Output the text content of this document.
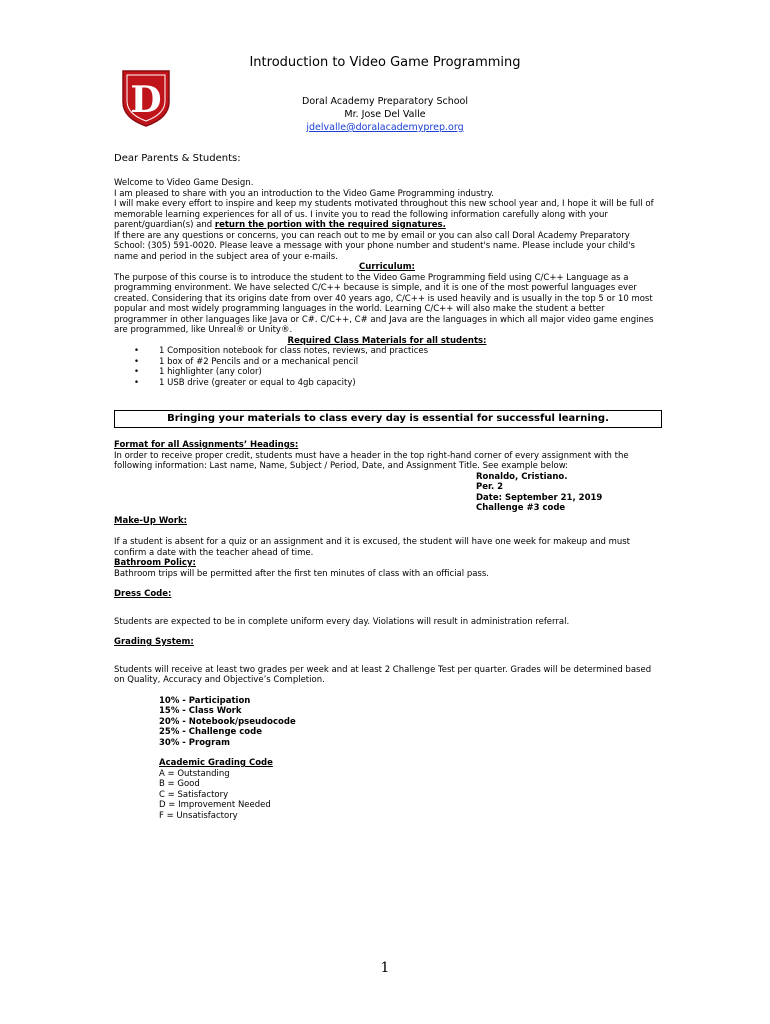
D
Introduction to Video Game Programming
Doral Academy Preparatory School
Mr. Jose Del Valle
jdelvalle@doralacademyprep.org
Dear Parents & Students:

Welcome to Video Game Design.

I am pleased to share with you an introduction to the Video Game Programming industry.

I will make every effort to inspire and keep my students motivated throughout this new school year and, I hope it will be full of memorable learning experiences for all of us. I invite you to read the following information carefully along with your parent/guardian(s) and return the portion with the required signatures.

If there are any questions or concerns, you can reach out to me by email or you can also call Doral Academy Preparatory School: (305) 591-0020. Please leave a message with your phone number and student's name. Please include your child's name and period in the subject area of your e-mails.

Curriculum:

The purpose of this course is to introduce the student to the Video Game Programming field using C/C++ Language as a programming environment. We have selected C/C++ because is simple, and it is one of the most powerful languages ever created. Considering that its origins date from over 40 years ago, C/C++ is used heavily and is usually in the top 5 or 10 most popular and most widely programming languages in the world. Learning C/C++ will also make the student a better programmer in other languages like Java or C#. C/C++, C# and Java are the languages in which all major video game engines are programmed, like Unreal® or Unity®.

Required Class Materials for all students:

• 1 Composition notebook for class notes, reviews, and practices
• 1 box of #2 Pencils and or a mechanical pencil
• 1 highlighter (any color)
• 1 USB drive (greater or equal to 4gb capacity)
Bringing your materials to class every day is essential for successful learning.

Format for all Assignments’ Headings:

In order to receive proper credit, students must have a header in the top right-hand corner of every assignment with the following information: Last name, Name, Subject / Period, Date, and Assignment Title. See example below:

Ronaldo, Cristiano.

Per. 2

Date: September 21, 2019

Challenge #3 code

Make-Up Work:

If a student is absent for a quiz or an assignment and it is excused, the student will have one week for makeup and must confirm a date with the teacher ahead of time.

Bathroom Policy:

Bathroom trips will be permitted after the first ten minutes of class with an official pass.

Dress Code:

Students are expected to be in complete uniform every day. Violations will result in administration referral.

Grading System:

Students will receive at least two grades per week and at least 2 Challenge Test per quarter. Grades will be determined based on Quality, Accuracy and Objective’s Completion.

10% - Participation

15% - Class Work

20% - Notebook/pseudocode

25% - Challenge code

30% - Program

Academic Grading Code

A = Outstanding

B = Good

C = Satisfactory

D = Improvement Needed

F = Unsatisfactory

1
